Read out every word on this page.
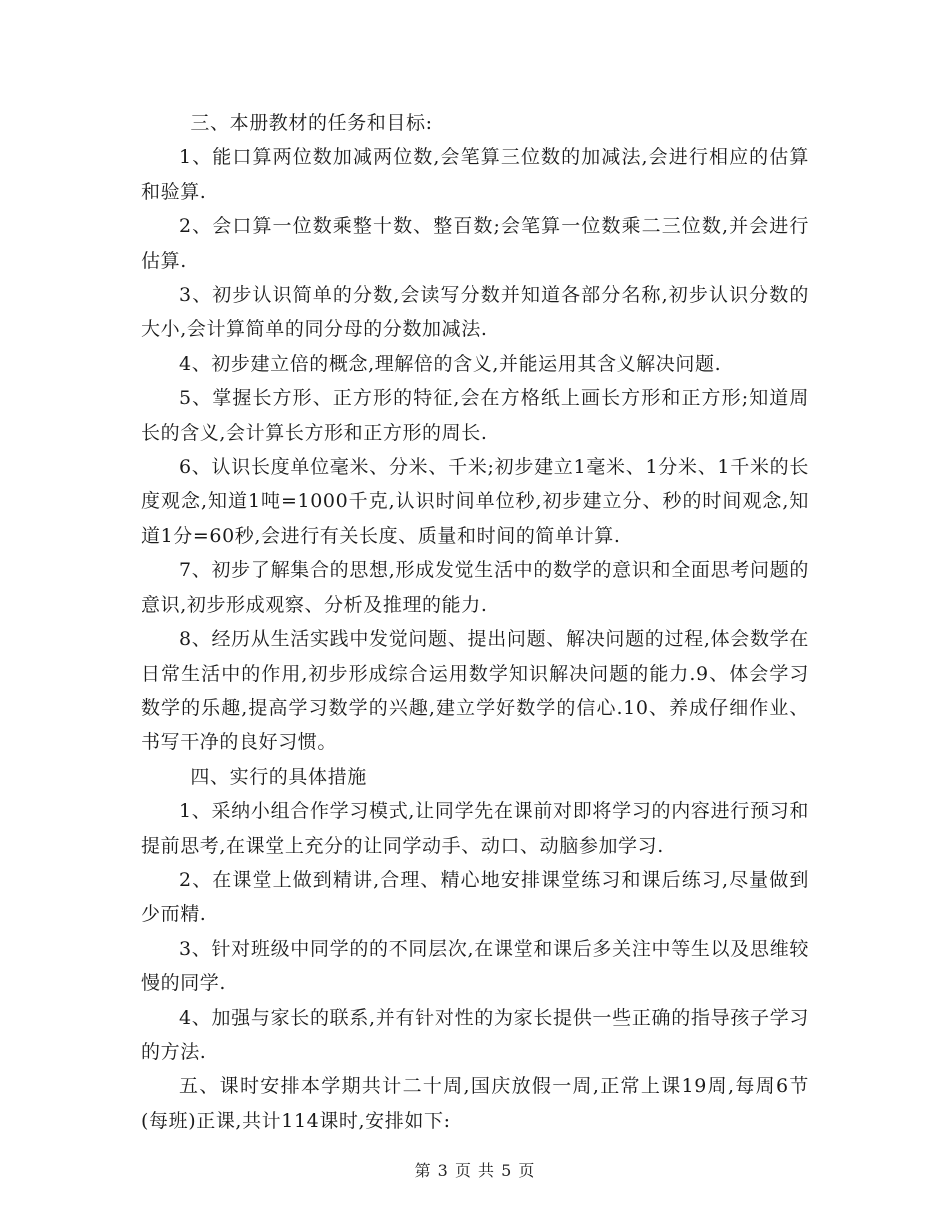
三、本册教材的任务和目标:

1、能口算两位数加减两位数,会笔算三位数的加减法,会进行相应的估算和验算.

2、会口算一位数乘整十数、整百数;会笔算一位数乘二三位数,并会进行估算.

3、初步认识简单的分数,会读写分数并知道各部分名称,初步认识分数的大小,会计算简单的同分母的分数加减法.

4、初步建立倍的概念,理解倍的含义,并能运用其含义解决问题.

5、掌握长方形、正方形的特征,会在方格纸上画长方形和正方形;知道周长的含义,会计算长方形和正方形的周长.

6、认识长度单位毫米、分米、千米;初步建立1毫米、1分米、1千米的长度观念,知道1吨=1000千克,认识时间单位秒,初步建立分、秒的时间观念,知道1分=60秒,会进行有关长度、质量和时间的简单计算.

7、初步了解集合的思想,形成发觉生活中的数学的意识和全面思考问题的意识,初步形成观察、分析及推理的能力.

8、经历从生活实践中发觉问题、提出问题、解决问题的过程,体会数学在日常生活中的作用,初步形成综合运用数学知识解决问题的能力.9、体会学习数学的乐趣,提高学习数学的兴趣,建立学好数学的信心.10、养成仔细作业、书写干净的良好习惯。

四、实行的具体措施

1、采纳小组合作学习模式,让同学先在课前对即将学习的内容进行预习和提前思考,在课堂上充分的让同学动手、动口、动脑参加学习.

2、在课堂上做到精讲,合理、精心地安排课堂练习和课后练习,尽量做到少而精.

3、针对班级中同学的的不同层次,在课堂和课后多关注中等生以及思维较慢的同学.

4、加强与家长的联系,并有针对性的为家长提供一些正确的指导孩子学习的方法.

五、课时安排本学期共计二十周,国庆放假一周,正常上课19周,每周6节(每班)正课,共计114课时,安排如下:

第 3 页 共 5 页
